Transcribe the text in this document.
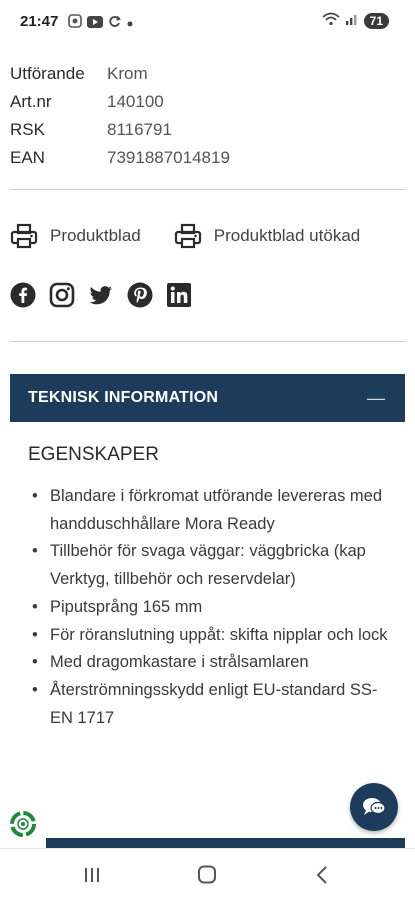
21:47	71
Utförande	Krom
Art.nr	140100
RSK	8116791
EAN	7391887014819
Produktblad	Produktblad utökad
TEKNISK INFORMATION	—
EGENSKAPER
• Blandare i förkromat utförande levereras med handduschhållare Mora Ready
• Tillbehör för svaga väggar: väggbricka (kap Verktyg, tillbehör och reservdelar)
• Piputsprång 165 mm
• För röranslutning uppåt: skifta nipplar och lock
• Med dragomkastare i strålsamlaren
• Återströmningsskydd enligt EU-standard SS-EN 1717
